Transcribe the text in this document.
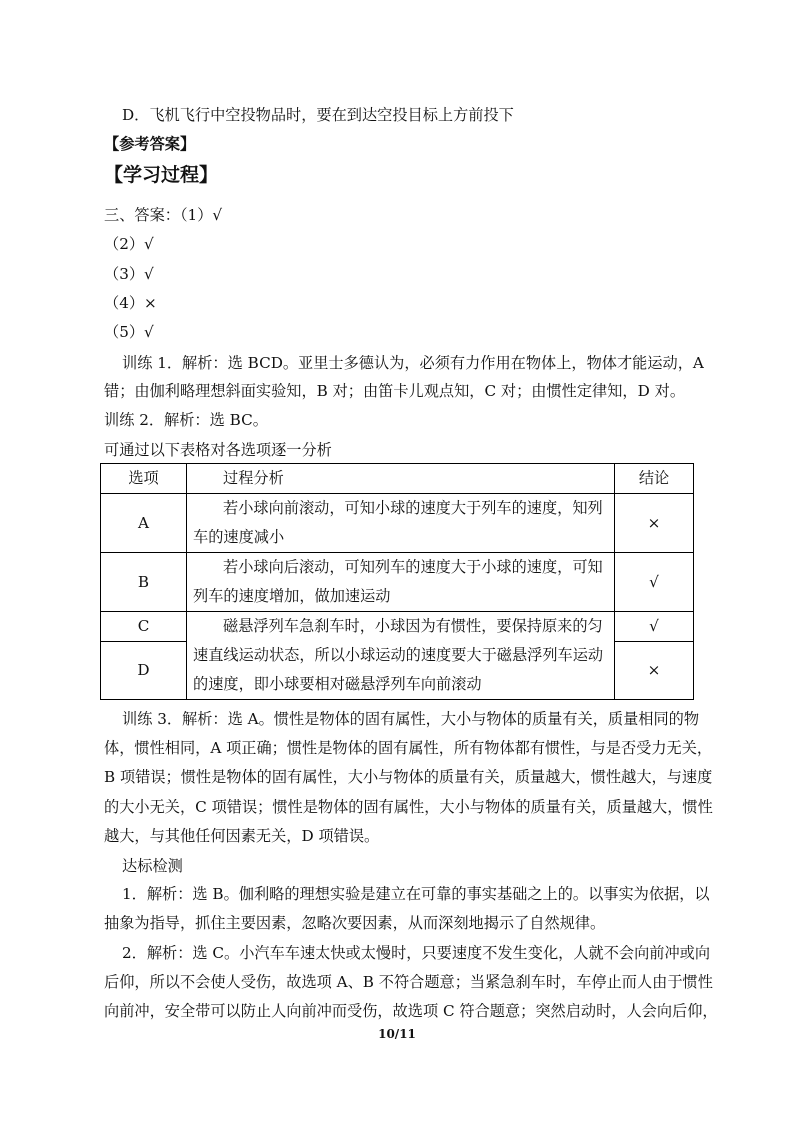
D．飞机飞行中空投物品时，要在到达空投目标上方前投下
【参考答案】
【学习过程】
三、答案：（1）√
（2）√
（3）√
（4）×
（5）√
训练 1．解析：选 BCD。亚里士多德认为，必须有力作用在物体上，物体才能运动，A
错；由伽利略理想斜面实验知，B 对；由笛卡儿观点知，C 对；由惯性定律知，D 对。
训练 2．解析：选 BC。
可通过以下表格对各选项逐一分析
选项	过程分析	结论
A	若小球向前滚动，可知小球的速度大于列车的速度，知列车的速度减小	×
B	若小球向后滚动，可知列车的速度大于小球的速度，可知列车的速度增加，做加速运动	√
C	磁悬浮列车急刹车时，小球因为有惯性，要保持原来的匀速直线运动状态，所以小球运动的速度要大于磁悬浮列车运动的速度，即小球要相对磁悬浮列车向前滚动	√
D		×
训练 3．解析：选 A。惯性是物体的固有属性，大小与物体的质量有关，质量相同的物
体，惯性相同，A 项正确；惯性是物体的固有属性，所有物体都有惯性，与是否受力无关，
B 项错误；惯性是物体的固有属性，大小与物体的质量有关，质量越大，惯性越大，与速度
的大小无关，C 项错误；惯性是物体的固有属性，大小与物体的质量有关，质量越大，惯性
越大，与其他任何因素无关，D 项错误。
达标检测
1．解析：选 B。伽利略的理想实验是建立在可靠的事实基础之上的。以事实为依据，以
抽象为指导，抓住主要因素，忽略次要因素，从而深刻地揭示了自然规律。
2．解析：选 C。小汽车车速太快或太慢时，只要速度不发生变化，人就不会向前冲或向
后仰，所以不会使人受伤，故选项 A、B 不符合题意；当紧急刹车时，车停止而人由于惯性
向前冲，安全带可以防止人向前冲而受伤，故选项 C 符合题意；突然启动时，人会向后仰，
10/11
